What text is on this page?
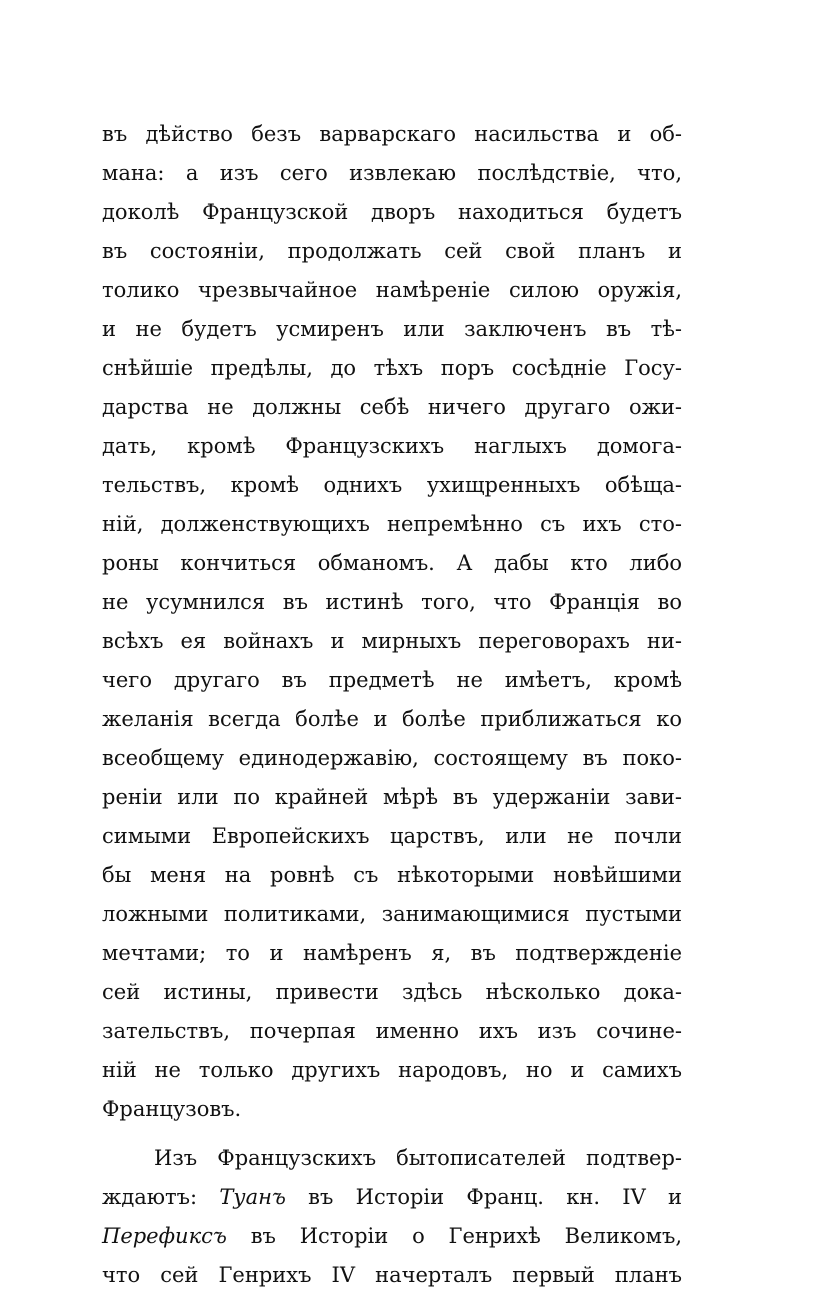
въ дѣйство безъ варварскаго насильства и об-
мана: а изъ сего извлекаю послѣдствіе, что,
доколѣ Французской дворъ находиться будетъ
въ состояніи, продолжать сей свой планъ и
толико чрезвычайное намѣреніе силою оружія,
и не будетъ усмиренъ или заключенъ въ тѣ-
снѣйшіе предѣлы, до тѣхъ поръ сосѣдніе Госу-
дарства не должны себѣ ничего другаго ожи-
дать, кромѣ Французскихъ наглыхъ домога-
тельствъ, кромѣ однихъ ухищренныхъ обѣща-
ній, долженствующихъ непремѣнно съ ихъ сто-
роны кончиться обманомъ. А дабы кто либо
не усумнился въ истинѣ того, что Франція во
всѣхъ ея войнахъ и мирныхъ переговорахъ ни-
чего другаго въ предметѣ не имѣетъ, кромѣ
желанія всегда болѣе и болѣе приближаться ко
всеобщему единодержавію, состоящему въ поко-
реніи или по крайней мѣрѣ въ удержаніи зави-
симыми Европейскихъ царствъ, или не почли
бы меня на ровнѣ съ нѣкоторыми новѣйшими
ложными политиками, занимающимися пустыми
мечтами; то и намѣренъ я, въ подтвержденіе
сей истины, привести здѣсь нѣсколько дока-
зательствъ, почерпая именно ихъ изъ сочине-
ній не только другихъ народовъ, но и самихъ
Французовъ.
Изъ Французскихъ бытописателей подтвер-
ждаютъ: Туанъ въ Исторіи Франц. кн. IV и
Перефиксъ въ Исторіи о Генрихѣ Великомъ,
что сей Генрихъ IV начерталъ первый планъ
